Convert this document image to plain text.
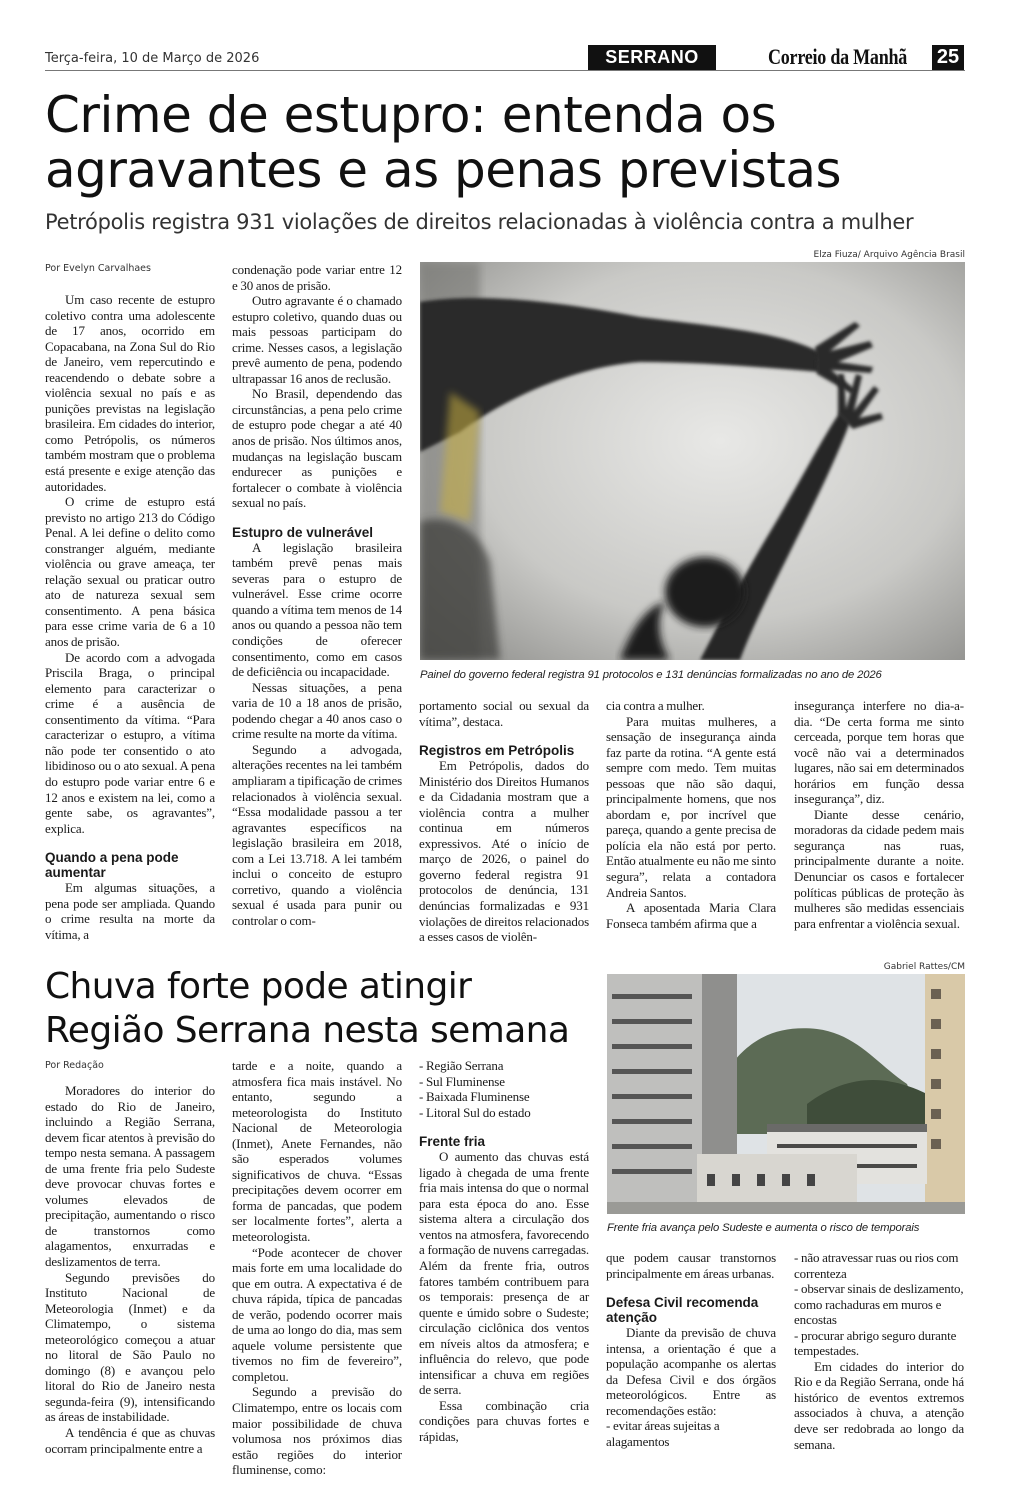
Terça-feira, 10 de Março de 2026	SERRANO	Correio da Manhã 25
Crime de estupro: entenda os
agravantes e as penas previstas
Petrópolis registra 931 violações de direitos relacionadas à violência contra a mulher
Por Evelyn Carvalhaes
Elza Fiuza/ Arquivo Agência Brasil
Painel do governo federal registra 91 protocolos e 131 denúncias formalizadas no ano de 2026

Um caso recente de estupro coletivo contra uma adolescente de 17 anos, ocorrido em Copacabana, na Zona Sul do Rio de Janeiro, vem repercutindo e reacendendo o debate sobre a violência sexual no país e as punições previstas na legislação brasileira. Em cidades do interior, como Petrópolis, os números também mostram que o problema está presente e exige atenção das autoridades.

O crime de estupro está previsto no artigo 213 do Código Penal. A lei define o delito como constranger alguém, mediante violência ou grave ameaça, ter relação sexual ou praticar outro ato de natureza sexual sem consentimento. A pena básica para esse crime varia de 6 a 10 anos de prisão.

De acordo com a advogada Priscila Braga, o principal elemento para caracterizar o crime é a ausência de consentimento da vítima. “Para caracterizar o estupro, a vítima não pode ter consentido o ato libidinoso ou o ato sexual. A pena do estupro pode variar entre 6 e 12 anos e existem na lei, como a gente sabe, os agravantes”, explica.

Quando a pena pode aumentar

Em algumas situações, a pena pode ser ampliada. Quando o crime resulta na morte da vítima, a

condenação pode variar entre 12 e 30 anos de prisão.

Outro agravante é o chamado estupro coletivo, quando duas ou mais pessoas participam do crime. Nesses casos, a legislação prevê aumento de pena, podendo ultrapassar 16 anos de reclusão.

No Brasil, dependendo das circunstâncias, a pena pelo crime de estupro pode chegar a até 40 anos de prisão. Nos últimos anos, mudanças na legislação buscam endurecer as punições e fortalecer o combate à violência sexual no país.

Estupro de vulnerável

A legislação brasileira também prevê penas mais severas para o estupro de vulnerável. Esse crime ocorre quando a vítima tem menos de 14 anos ou quando a pessoa não tem condições de oferecer consentimento, como em casos de deficiência ou incapacidade.

Nessas situações, a pena varia de 10 a 18 anos de prisão, podendo chegar a 40 anos caso o crime resulte na morte da vítima.

Segundo a advogada, alterações recentes na lei também ampliaram a tipificação de crimes relacionados à violência sexual. “Essa modalidade passou a ter agravantes específicos na legislação brasileira em 2018, com a Lei 13.718. A lei também inclui o conceito de estupro corretivo, quando a violência sexual é usada para punir ou controlar o com-

portamento social ou sexual da vítima”, destaca.

Registros em Petrópolis

Em Petrópolis, dados do Ministério dos Direitos Humanos e da Cidadania mostram que a violência contra a mulher continua em números expressivos. Até o início de março de 2026, o painel do governo federal registra 91 protocolos de denúncia, 131 denúncias formalizadas e 931 violações de direitos relacionados a esses casos de violên-

cia contra a mulher.

Para muitas mulheres, a sensação de insegurança ainda faz parte da rotina. “A gente está sempre com medo. Tem muitas pessoas que não são daqui, principalmente homens, que nos abordam e, por incrível que pareça, quando a gente precisa de polícia ela não está por perto. Então atualmente eu não me sinto segura”, relata a contadora Andreia Santos.

A aposentada Maria Clara Fonseca também afirma que a

insegurança interfere no dia-a-dia. “De certa forma me sinto cerceada, porque tem horas que você não vai a determinados lugares, não sai em determinados horários em função dessa insegurança”, diz.

Diante desse cenário, moradoras da cidade pedem mais segurança nas ruas, principalmente durante a noite. Denunciar os casos e fortalecer políticas públicas de proteção às mulheres são medidas essenciais para enfrentar a violência sexual.

Chuva forte pode atingir
Região Serrana nesta semana
Por Redação
Gabriel Rattes/CM
Frente fria avança pelo Sudeste e aumenta o risco de temporais

Moradores do interior do estado do Rio de Janeiro, incluindo a Região Serrana, devem ficar atentos à previsão do tempo nesta semana. A passagem de uma frente fria pelo Sudeste deve provocar chuvas fortes e volumes elevados de precipitação, aumentando o risco de transtornos como alagamentos, enxurradas e deslizamentos de terra.

Segundo previsões do Instituto Nacional de Meteorologia (Inmet) e da Climatempo, o sistema meteorológico começou a atuar no litoral de São Paulo no domingo (8) e avançou pelo litoral do Rio de Janeiro nesta segunda-feira (9), intensificando as áreas de instabilidade.

A tendência é que as chuvas ocorram principalmente entre a

tarde e a noite, quando a atmosfera fica mais instável. No entanto, segundo a meteorologista do Instituto Nacional de Meteorologia (Inmet), Anete Fernandes, não são esperados volumes significativos de chuva. “Essas precipitações devem ocorrer em forma de pancadas, que podem ser localmente fortes”, alerta a meteorologista.

“Pode acontecer de chover mais forte em uma localidade do que em outra. A expectativa é de chuva rápida, típica de pancadas de verão, podendo ocorrer mais de uma ao longo do dia, mas sem aquele volume persistente que tivemos no fim de fevereiro”, completou.

Segundo a previsão do Climatempo, entre os locais com maior possibilidade de chuva volumosa nos próximos dias estão regiões do interior fluminense, como:

- Região Serrana

- Sul Fluminense

- Baixada Fluminense

- Litoral Sul do estado

Frente fria

O aumento das chuvas está ligado à chegada de uma frente fria mais intensa do que o normal para esta época do ano. Esse sistema altera a circulação dos ventos na atmosfera, favorecendo a formação de nuvens carregadas. Além da frente fria, outros fatores também contribuem para os temporais: presença de ar quente e úmido sobre o Sudeste; circulação ciclônica dos ventos em níveis altos da atmosfera; e influência do relevo, que pode intensificar a chuva em regiões de serra.

Essa combinação cria condições para chuvas fortes e rápidas,

que podem causar transtornos principalmente em áreas urbanas.

Defesa Civil recomenda atenção

Diante da previsão de chuva intensa, a orientação é que a população acompanhe os alertas da Defesa Civil e dos órgãos meteorológicos. Entre as recomendações estão:

- evitar áreas sujeitas a alagamentos

- não atravessar ruas ou rios com correnteza

- observar sinais de deslizamento, como rachaduras em muros e encostas

- procurar abrigo seguro durante tempestades.

Em cidades do interior do Rio e da Região Serrana, onde há histórico de eventos extremos associados à chuva, a atenção deve ser redobrada ao longo da semana.
